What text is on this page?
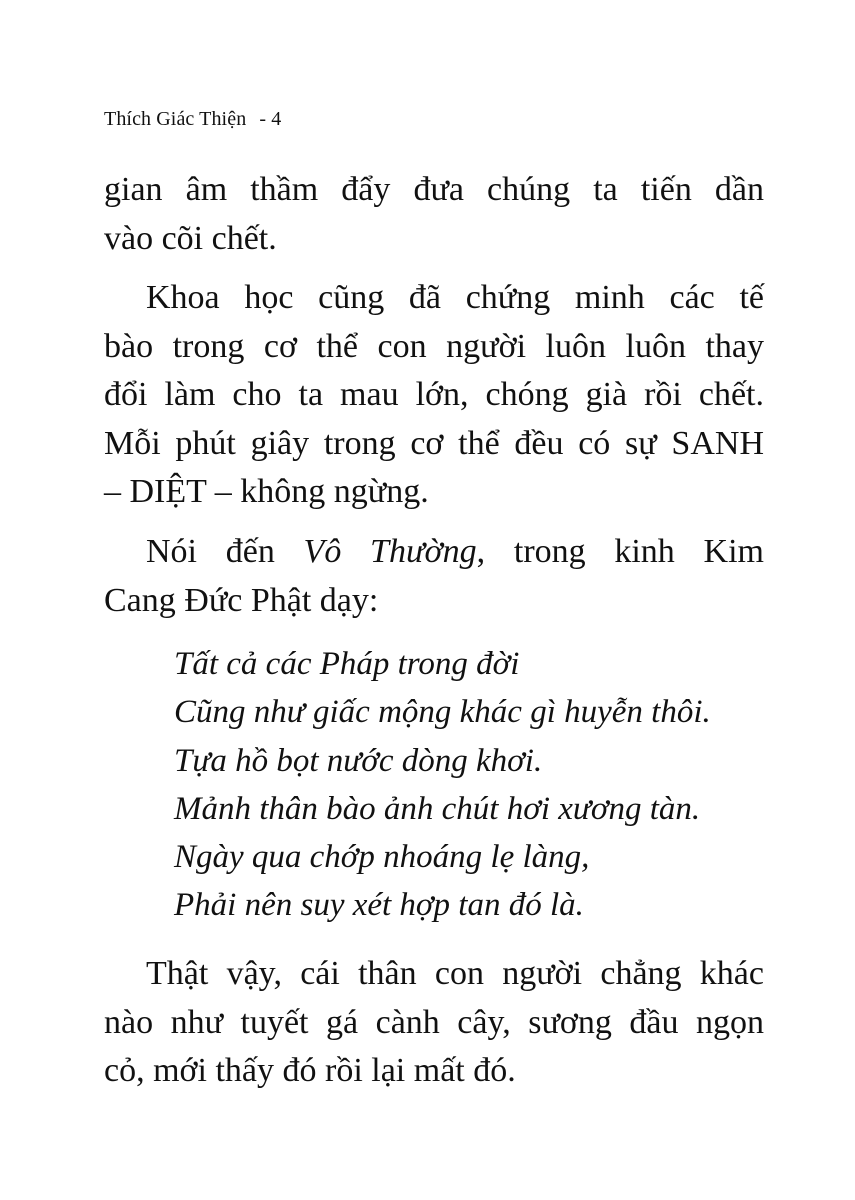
Thích Giác Thiện - 4
gian âm thầm đẩy đưa chúng ta tiến dần
vào cõi chết.
Khoa học cũng đã chứng minh các tế
bào trong cơ thể con người luôn luôn thay
đổi làm cho ta mau lớn, chóng già rồi chết.
Mỗi phút giây trong cơ thể đều có sự SANH
– DIỆT – không ngừng.
Nói đến Vô Thường, trong kinh Kim
Cang Đức Phật dạy:
Tất cả các Pháp trong đời
Cũng như giấc mộng khác gì huyễn thôi.
Tựa hồ bọt nước dòng khơi.
Mảnh thân bào ảnh chút hơi xương tàn.
Ngày qua chớp nhoáng lẹ làng,
Phải nên suy xét hợp tan đó là.
Thật vậy, cái thân con người chẳng khác
nào như tuyết gá cành cây, sương đầu ngọn
cỏ, mới thấy đó rồi lại mất đó.
